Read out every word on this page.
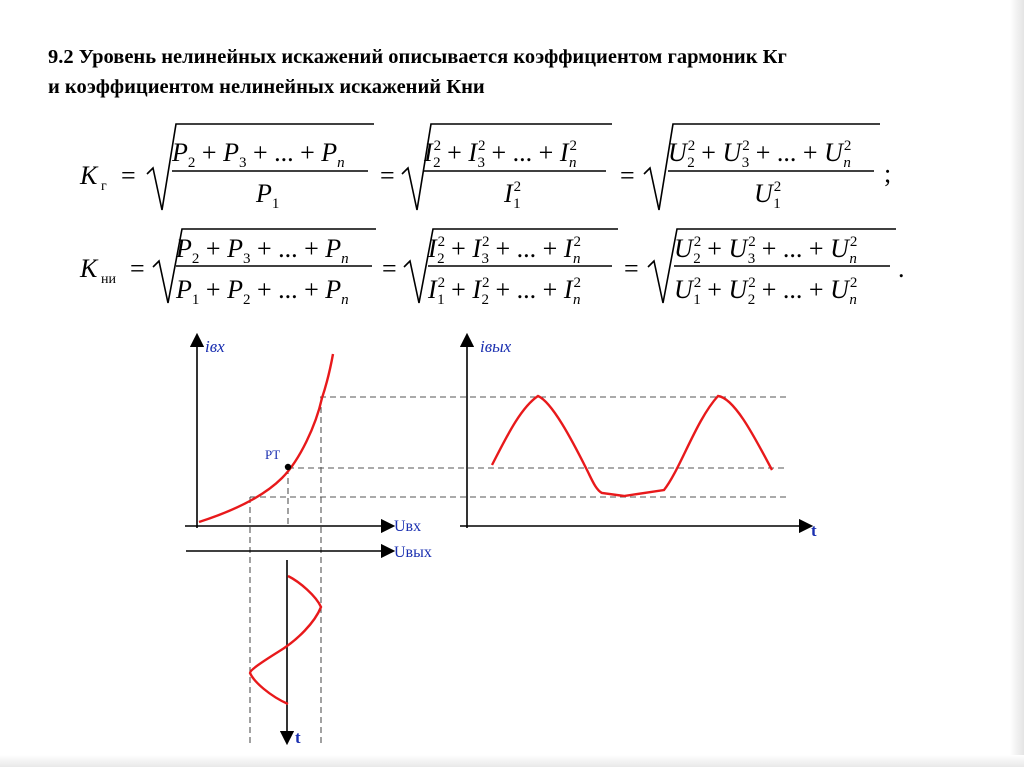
9.2 Уровень нелинейных искажений описывается коэффициентом гармоник Кг
и коэффициентом нелинейных искажений Кни
K г =
$P_2 + P_3$ + ... + $P_n$
$P_1$
=
$I^2$ $2 + I^2$ 3 + ... + $I^2$ n
$I^2$ 1
=
$U^2$ $2 + U^2$ 3 + ... + $U^2$ n
$U^2$ 1
;
K ни =
$P_2 + P_3$ + ... + $P_n$
$P_1 + P_2$ + ... + $P_n$
=
$I^2$ $2 + I^2$ 3 + ... + $I^2$ n
$I^2$ $1 + I^2$ 2 + ... + $I^2$ n
=
$U^2$ $2 + U^2$ 3 + ... + $U^2$ n
$U^2$ $1 + U^2$ 2 + ... + $U^2$ n
.
iвх
Uвх
Uвых
PT
t
iвых
t
